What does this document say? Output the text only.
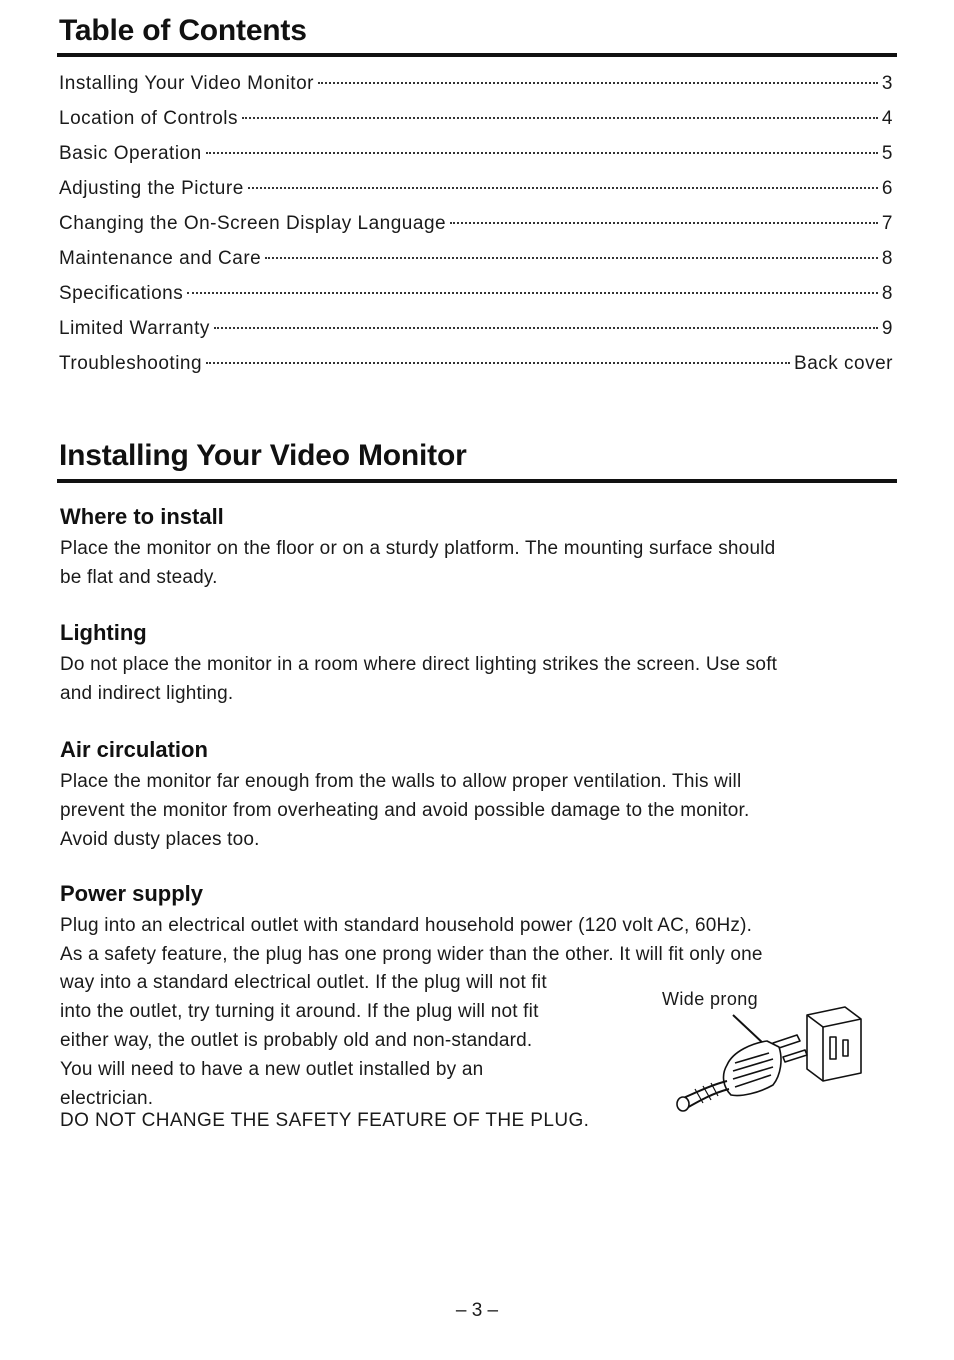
Table of Contents
Installing Your Video Monitor	3
Location of Controls	4
Basic Operation	5
Adjusting the Picture	6
Changing the On-Screen Display Language	7
Maintenance and Care	8
Specifications	8
Limited Warranty	9
Troubleshooting	Back cover
Installing Your Video Monitor
Where to install
Place the monitor on the floor or on a sturdy platform. The mounting surface should
be flat and steady.
Lighting
Do not place the monitor in a room where direct lighting strikes the screen. Use soft
and indirect lighting.
Air circulation
Place the monitor far enough from the walls to allow proper ventilation. This will
prevent the monitor from overheating and avoid possible damage to the monitor.
Avoid dusty places too.
Power supply
Plug into an electrical outlet with standard household power (120 volt AC, 60Hz).
As a safety feature, the plug has one prong wider than the other. It will fit only one
way into a standard electrical outlet. If the plug will not fit
into the outlet, try turning it around. If the plug will not fit
either way, the outlet is probably old and non-standard.
You will need to have a new outlet installed by an
electrician.
DO NOT CHANGE THE SAFETY FEATURE OF THE PLUG.
Wide prong
– 3 –
